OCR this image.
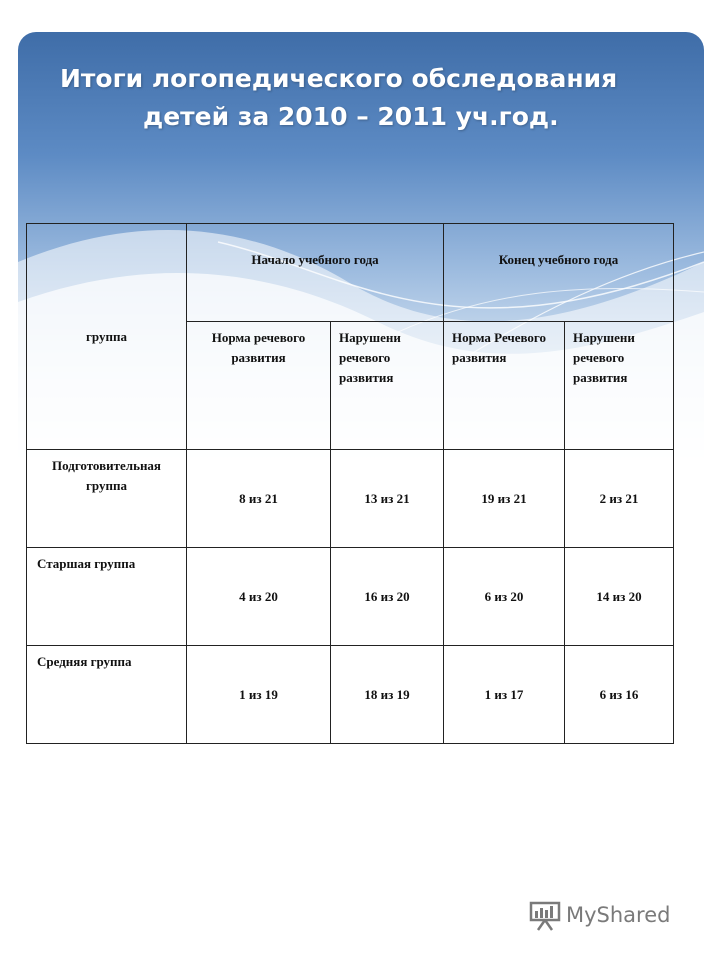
Итоги логопедического обследования
детей за 2010 – 2011 уч.год.
группа	Начало учебного года		Конец учебного года	
	Норма речевого развития	Нарушени речевого развития	Норма Речевого развития	Нарушени речевого развития
Подготовительная группа	8 из 21	13 из 21	19 из 21	2 из 21
Старшая группа	4 из 20	16 из 20	6 из 20	14 из 20
Средняя группа	1 из 19	18 из 19	1 из 17	6 из 16
MyShared
